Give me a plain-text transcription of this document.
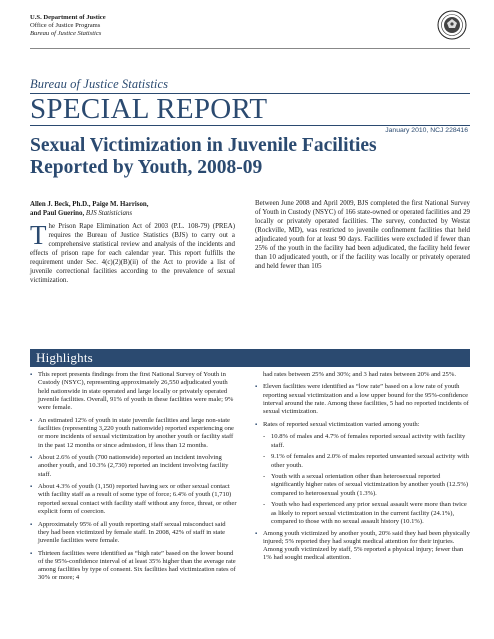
U.S. Department of Justice
Office of Justice Programs
Bureau of Justice Statistics
Bureau of Justice Statistics
SPECIAL REPORT
January 2010, NCJ 228416
Sexual Victimization in Juvenile Facilities
Reported by Youth, 2008-09
Allen J. Beck, Ph.D., Paige M. Harrison,
and Paul Guerino, BJS Statisticians
The Prison Rape Elimination Act of 2003 (P.L. 108-79) (PREA) requires the Bureau of Justice Statistics (BJS) to carry out a comprehensive statistical review and analysis of the incidents and effects of prison rape for each calendar year. This report fulfills the requirement under Sec. 4(c)(2)(B)(ii) of the Act to provide a list of juvenile correctional facilities according to the prevalence of sexual victimization.
Between June 2008 and April 2009, BJS completed the first National Survey of Youth in Custody (NSYC) of 166 state-owned or operated facilities and 29 locally or privately operated facilities. The survey, conducted by Westat (Rockville, MD), was restricted to juvenile confinement facilities that held adjudicated youth for at least 90 days. Facilities were excluded if fewer than 25% of the youth in the facility had been adjudicated, the facility held fewer than 10 adjudicated youth, or if the facility was locally or privately operated and held fewer than 105
Highlights

▪ This report presents findings from the first National Survey of Youth in Custody (NSYC), representing approximately 26,550 adjudicated youth held nationwide in state operated and large locally or privately operated juvenile facilities. Overall, 91% of youth in these facilities were male; 9% were female.

▪ An estimated 12% of youth in state juvenile facilities and large non-state facilities (representing 3,220 youth nationwide) reported experiencing one or more incidents of sexual victimization by another youth or facility staff in the past 12 months or since admission, if less than 12 months.

▪ About 2.6% of youth (700 nationwide) reported an incident involving another youth, and 10.3% (2,730) reported an incident involving facility staff.

▪ About 4.3% of youth (1,150) reported having sex or other sexual contact with facility staff as a result of some type of force; 6.4% of youth (1,710) reported sexual contact with facility staff without any force, threat, or other explicit form of coercion.

▪ Approximately 95% of all youth reporting staff sexual misconduct said they had been victimized by female staff. In 2008, 42% of staff in state juvenile facilities were female.

▪ Thirteen facilities were identified as “high rate” based on the lower bound of the 95%-confidence interval of at least 35% higher than the average rate among facilities by type of consent. Six facilities had victimization rates of 30% or more; 4

had rates between 25% and 30%; and 3 had rates between 20% and 25%.

▪ Eleven facilities were identified as “low rate” based on a low rate of youth reporting sexual victimization and a low upper bound for the 95%-confidence interval around the rate. Among these facilities, 5 had no reported incidents of sexual victimization.

▪ Rates of reported sexual victimization varied among youth:

- 10.8% of males and 4.7% of females reported sexual activity with facility staff.

- 9.1% of females and 2.0% of males reported unwanted sexual activity with other youth.

- Youth with a sexual orientation other than heterosexual reported significantly higher rates of sexual victimization by another youth (12.5%) compared to heterosexual youth (1.3%).

- Youth who had experienced any prior sexual assault were more than twice as likely to report sexual victimization in the current facility (24.1%), compared to those with no sexual assault history (10.1%).

▪ Among youth victimized by another youth, 20% said they had been physically injured; 5% reported they had sought medical attention for their injuries. Among youth victimized by staff, 5% reported a physical injury; fewer than 1% had sought medical attention.
